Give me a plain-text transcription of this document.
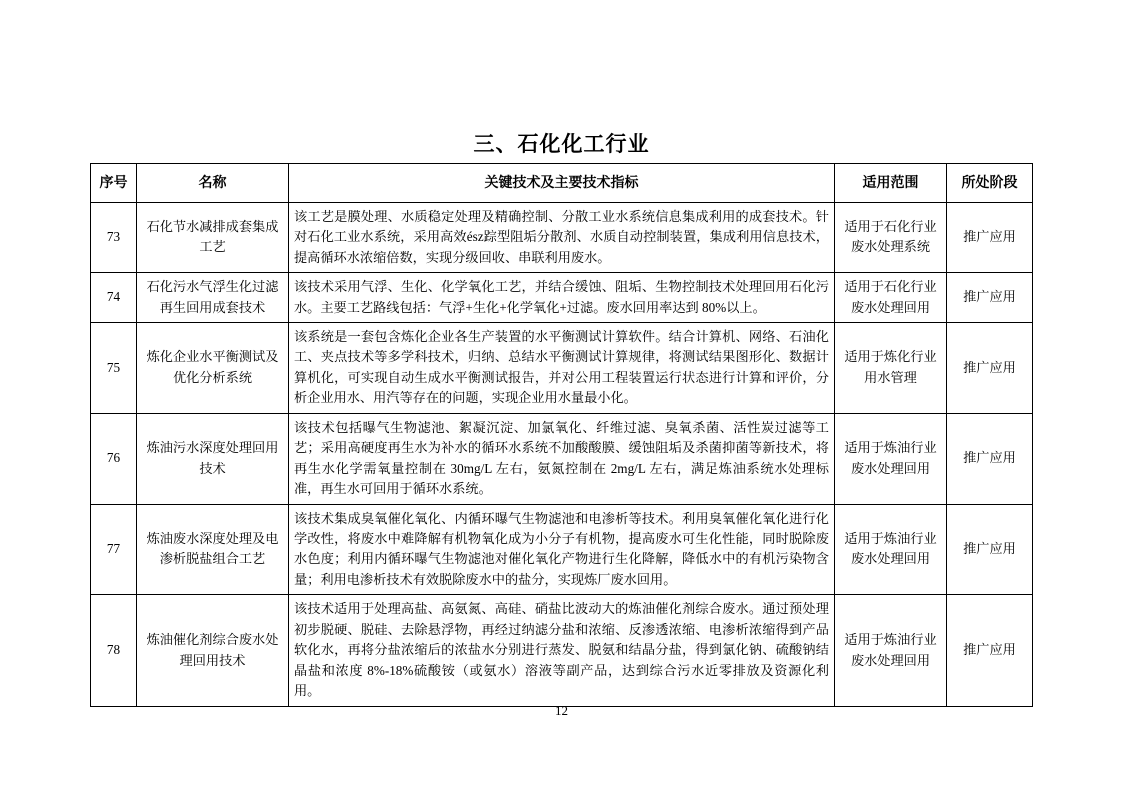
三、石化化工行业
序号	名称	关键技术及主要技术指标	适用范围	所处阶段
73	石化节水减排成套集成工艺	该工艺是膜处理、水质稳定处理及精确控制、分散工业水系统信息集成利用的成套技术。针对石化工业水系统，采用高效ész踪型阻垢分散剂、水质自动控制装置，集成利用信息技术，提高循环水浓缩倍数，实现分级回收、串联利用废水。	适用于石化行业废水处理系统	推广应用
74	石化污水气浮生化过滤再生回用成套技术	该技术采用气浮、生化、化学氧化工艺，并结合缓蚀、阻垢、生物控制技术处理回用石化污水。主要工艺路线包括：气浮+生化+化学氧化+过滤。废水回用率达到 80%以上。	适用于石化行业废水处理回用	推广应用
75	炼化企业水平衡测试及优化分析系统	该系统是一套包含炼化企业各生产装置的水平衡测试计算软件。结合计算机、网络、石油化工、夹点技术等多学科技术，归纳、总结水平衡测试计算规律，将测试结果图形化、数据计算机化，可实现自动生成水平衡测试报告，并对公用工程装置运行状态进行计算和评价，分析企业用水、用汽等存在的问题，实现企业用水量最小化。	适用于炼化行业用水管理	推广应用
76	炼油污水深度处理回用技术	该技术包括曝气生物滤池、絮凝沉淀、加氯氧化、纤维过滤、臭氧杀菌、活性炭过滤等工艺；采用高硬度再生水为补水的循环水系统不加酸酸膜、缓蚀阻垢及杀菌抑菌等新技术，将再生水化学需氧量控制在 30mg/L 左右，氨氮控制在 2mg/L 左右，满足炼油系统水处理标准，再生水可回用于循环水系统。	适用于炼油行业废水处理回用	推广应用
77	炼油废水深度处理及电渗析脱盐组合工艺	该技术集成臭氧催化氧化、内循环曝气生物滤池和电渗析等技术。利用臭氧催化氧化进行化学改性，将废水中难降解有机物氧化成为小分子有机物，提高废水可生化性能，同时脱除废水色度；利用内循环曝气生物滤池对催化氧化产物进行生化降解，降低水中的有机污染物含量；利用电渗析技术有效脱除废水中的盐分，实现炼厂废水回用。	适用于炼油行业废水处理回用	推广应用
78	炼油催化剂综合废水处理回用技术	该技术适用于处理高盐、高氨氮、高硅、硝盐比波动大的炼油催化剂综合废水。通过预处理初步脱硬、脱硅、去除悬浮物，再经过纳滤分盐和浓缩、反渗透浓缩、电渗析浓缩得到产品软化水，再将分盐浓缩后的浓盐水分别进行蒸发、脱氨和结晶分盐，得到氯化钠、硫酸钠结晶盐和浓度 8%-18%硫酸铵（或氨水）溶液等副产品，达到综合污水近零排放及资源化利用。	适用于炼油行业废水处理回用	推广应用
12
